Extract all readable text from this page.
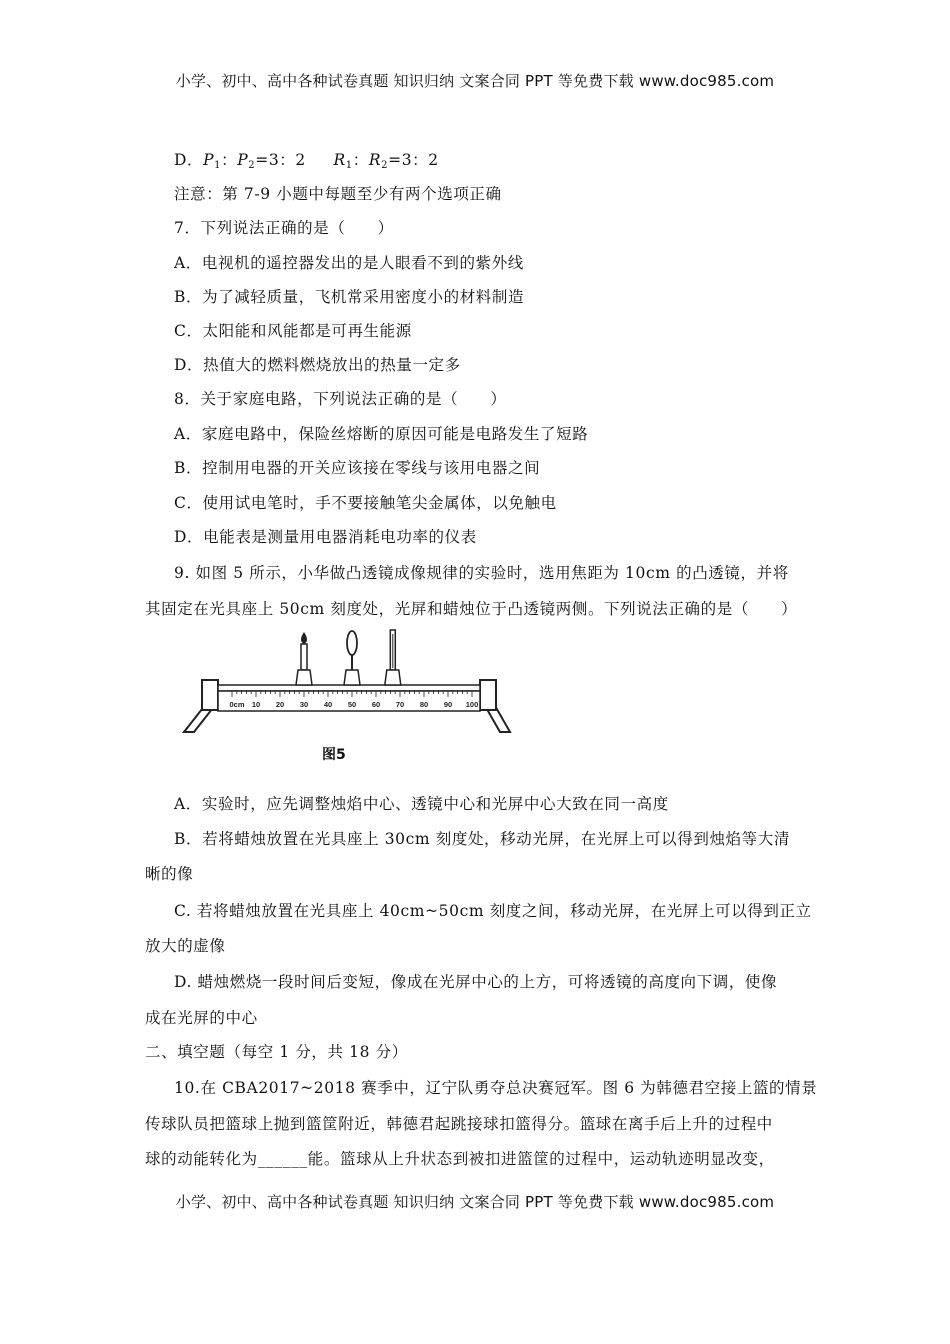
小学、初中、高中各种试卷真题 知识归纳 文案合同 PPT 等免费下载 www.doc985.com
D．$P_1$：$P_2=3$：2     $R_1$：$R_2=3$：2
注意：第 7-9 小题中每题至少有两个选项正确
7．下列说法正确的是（　　）
A．电视机的遥控器发出的是人眼看不到的紫外线
B．为了减轻质量，飞机常采用密度小的材料制造
C．太阳能和风能都是可再生能源
D．热值大的燃料燃烧放出的热量一定多
8．关于家庭电路，下列说法正确的是（　　）
A．家庭电路中，保险丝熔断的原因可能是电路发生了短路
B．控制用电器的开关应该接在零线与该用电器之间
C．使用试电笔时，手不要接触笔尖金属体，以免触电
D．电能表是测量用电器消耗电功率的仪表
9. 如图 5 所示，小华做凸透镜成像规律的实验时，选用焦距为 10cm 的凸透镜，并将
其固定在光具座上 50cm 刻度处，光屏和蜡烛位于凸透镜两侧。下列说法正确的是（　　）
0cm 10 20 30 40 50 60 70 80 90 100
图5
A．实验时，应先调整烛焰中心、透镜中心和光屏中心大致在同一高度
B．若将蜡烛放置在光具座上 30cm 刻度处，移动光屏，在光屏上可以得到烛焰等大清
晰的像
C. 若将蜡烛放置在光具座上 40cm~50cm 刻度之间，移动光屏，在光屏上可以得到正立
放大的虚像
D. 蜡烛燃烧一段时间后变短，像成在光屏中心的上方，可将透镜的高度向下调，使像
成在光屏的中心
二、填空题（每空 1 分，共 18 分）
10.在 CBA2017~2018 赛季中，辽宁队勇夺总决赛冠军。图 6 为韩德君空接上篮的情景
传球队员把篮球上抛到篮筐附近，韩德君起跳接球扣篮得分。篮球在离手后上升的过程中
球的动能转化为______能。篮球从上升状态到被扣进篮筐的过程中，运动轨迹明显改变，
小学、初中、高中各种试卷真题 知识归纳 文案合同 PPT 等免费下载 www.doc985.com
